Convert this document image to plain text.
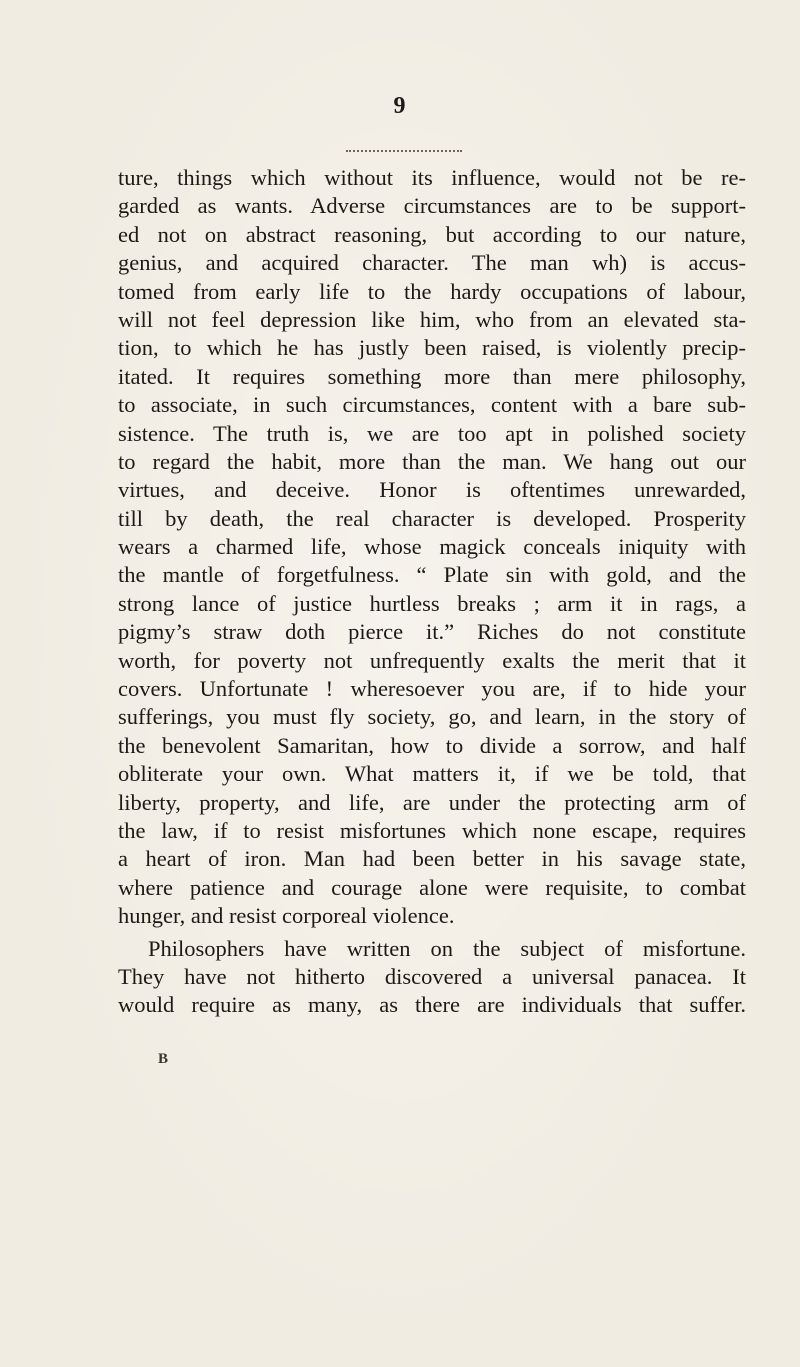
9
ture, things which without its influence, would not be re-
garded as wants. Adverse circumstances are to be support-
ed not on abstract reasoning, but according to our nature,
genius, and acquired character. The man wh) is accus-
tomed from early life to the hardy occupations of labour,
will not feel depression like him, who from an elevated sta-
tion, to which he has justly been raised, is violently precip-
itated. It requires something more than mere philosophy,
to associate, in such circumstances, content with a bare sub-
sistence. The truth is, we are too apt in polished society
to regard the habit, more than the man. We hang out our
virtues, and deceive. Honor is oftentimes unrewarded,
till by death, the real character is developed. Prosperity
wears a charmed life, whose magick conceals iniquity with
the mantle of forgetfulness. “ Plate sin with gold, and the
strong lance of justice hurtless breaks ; arm it in rags, a
pigmy’s straw doth pierce it.” Riches do not constitute
worth, for poverty not unfrequently exalts the merit that it
covers. Unfortunate ! wheresoever you are, if to hide your
sufferings, you must fly society, go, and learn, in the story of
the benevolent Samaritan, how to divide a sorrow, and half
obliterate your own. What matters it, if we be told, that
liberty, property, and life, are under the protecting arm of
the law, if to resist misfortunes which none escape, requires
a heart of iron. Man had been better in his savage state,
where patience and courage alone were requisite, to combat
hunger, and resist corporeal violence.
Philosophers have written on the subject of misfortune.
They have not hitherto discovered a universal panacea. It
would require as many, as there are individuals that suffer.
B
